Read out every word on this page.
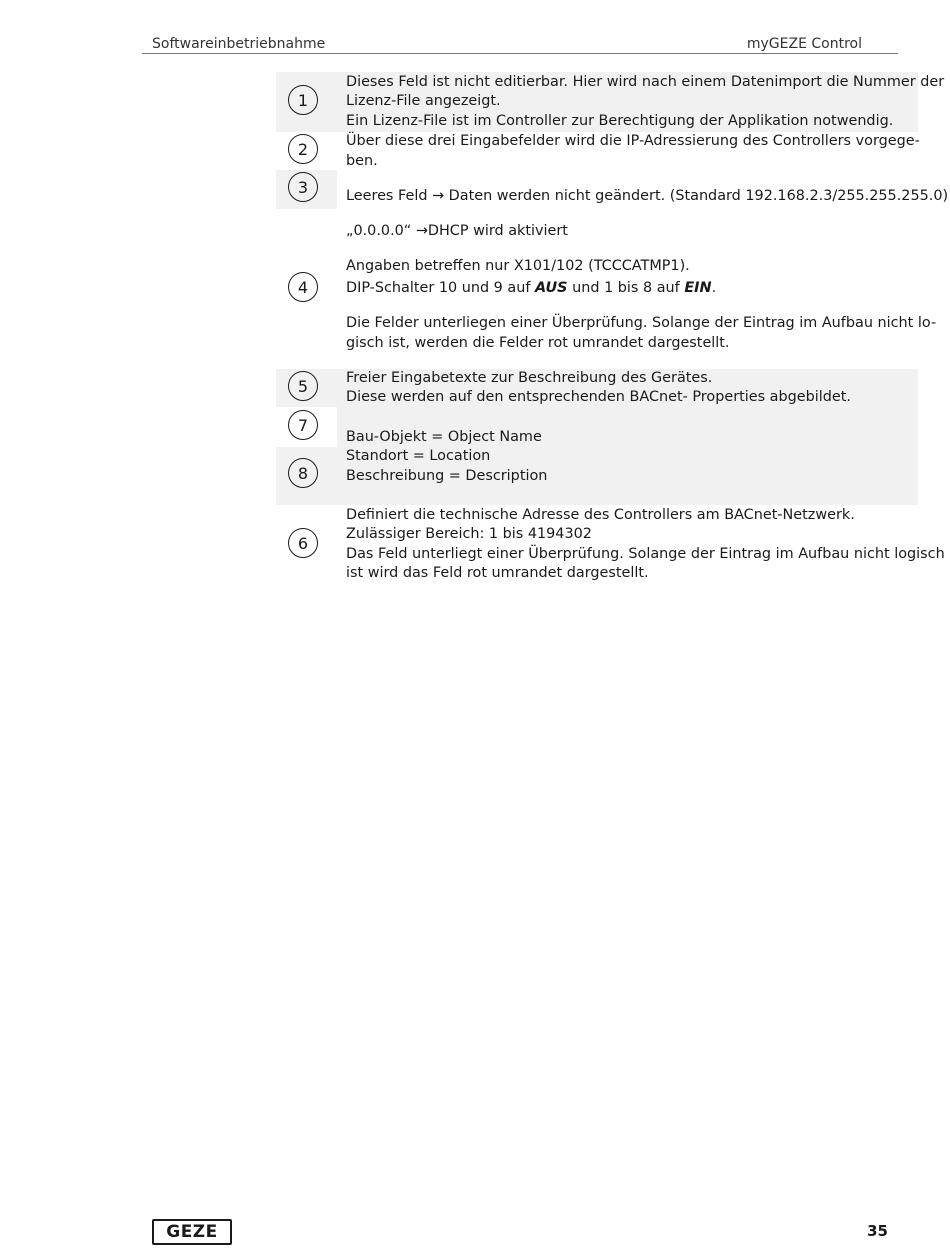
Softwareinbetriebnahme	myGEZE Control
1
2
3
4
5
7
8
6
Dieses Feld ist nicht editierbar. Hier wird nach einem Datenimport die Nummer der
Lizenz-File angezeigt.
Ein Lizenz-File ist im Controller zur Berechtigung der Applikation notwendig.
Über diese drei Eingabefelder wird die IP-Adressierung des Controllers vorgege-
ben.
Leeres Feld → Daten werden nicht geändert. (Standard 192.168.2.3/255.255.255.0)
„0.0.0.0“ →DHCP wird aktiviert
Angaben betreffen nur X101/102 (TCCCATMP1).
DIP-Schalter 10 und 9 auf AUS und 1 bis 8 auf EIN.
Die Felder unterliegen einer Überprüfung. Solange der Eintrag im Aufbau nicht lo-
gisch ist, werden die Felder rot umrandet dargestellt.
Freier Eingabetexte zur Beschreibung des Gerätes.
Diese werden auf den entsprechenden BACnet- Properties abgebildet.
Bau-Objekt = Object Name
Standort = Location
Beschreibung = Description
Definiert die technische Adresse des Controllers am BACnet-Netzwerk.
Zulässiger Bereich: 1 bis 4194302
Das Feld unterliegt einer Überprüfung. Solange der Eintrag im Aufbau nicht logisch
ist wird das Feld rot umrandet dargestellt.
GEZE	35
